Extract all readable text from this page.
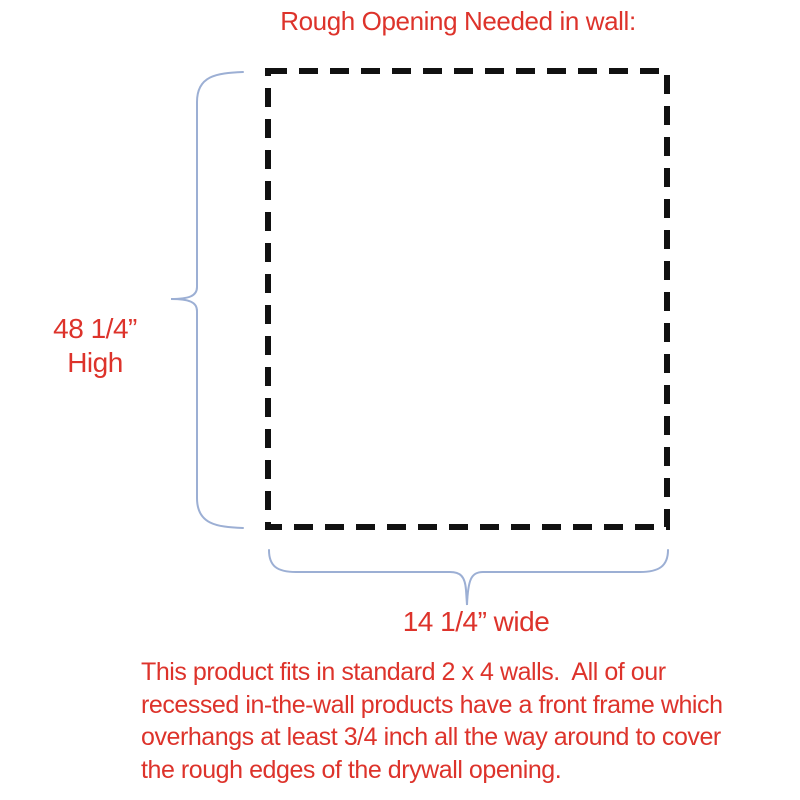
Rough Opening Needed in wall:
48 1/4”
High
14 1/4” wide
This product fits in standard 2 x 4 walls.  All of our
recessed in-the-wall products have a front frame which
overhangs at least 3/4 inch all the way around to cover
the rough edges of the drywall opening.
